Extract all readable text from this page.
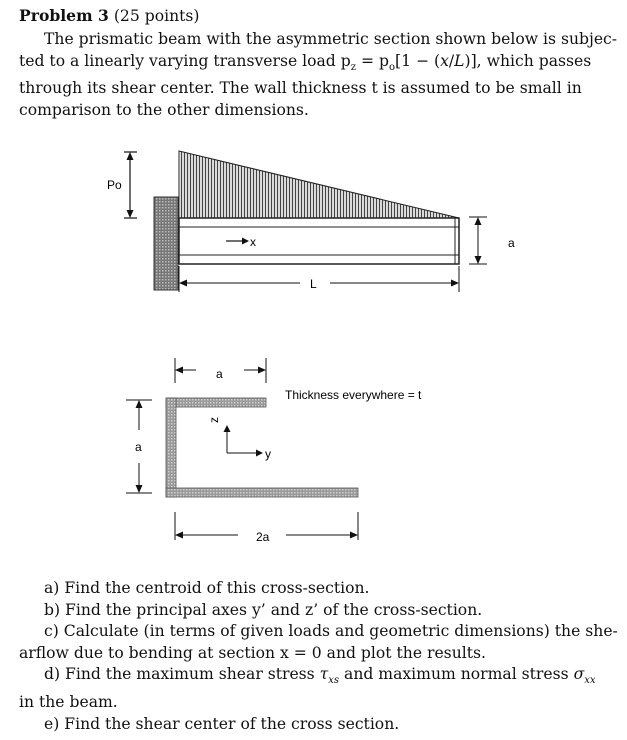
Problem 3 (25 points)
The prismatic beam with the asymmetric section shown below is subjec-
ted to a linearly varying transverse load $p_z = p_o[1 - (x/L)]$, which passes
through its shear center. The wall thickness t is assumed to be small in
comparison to the other dimensions.
x
Po
L
a
a
a
2a
y
z
Thickness everywhere = t
a) Find the centroid of this cross-section.
b) Find the principal axes y’ and z’ of the cross-section.
c) Calculate (in terms of given loads and geometric dimensions) the she-
arflow due to bending at section x = 0 and plot the results.
d) Find the maximum shear stress $\tau_{xs}$ and maximum normal stress $\sigma_{xx}$
in the beam.
e) Find the shear center of the cross section.
